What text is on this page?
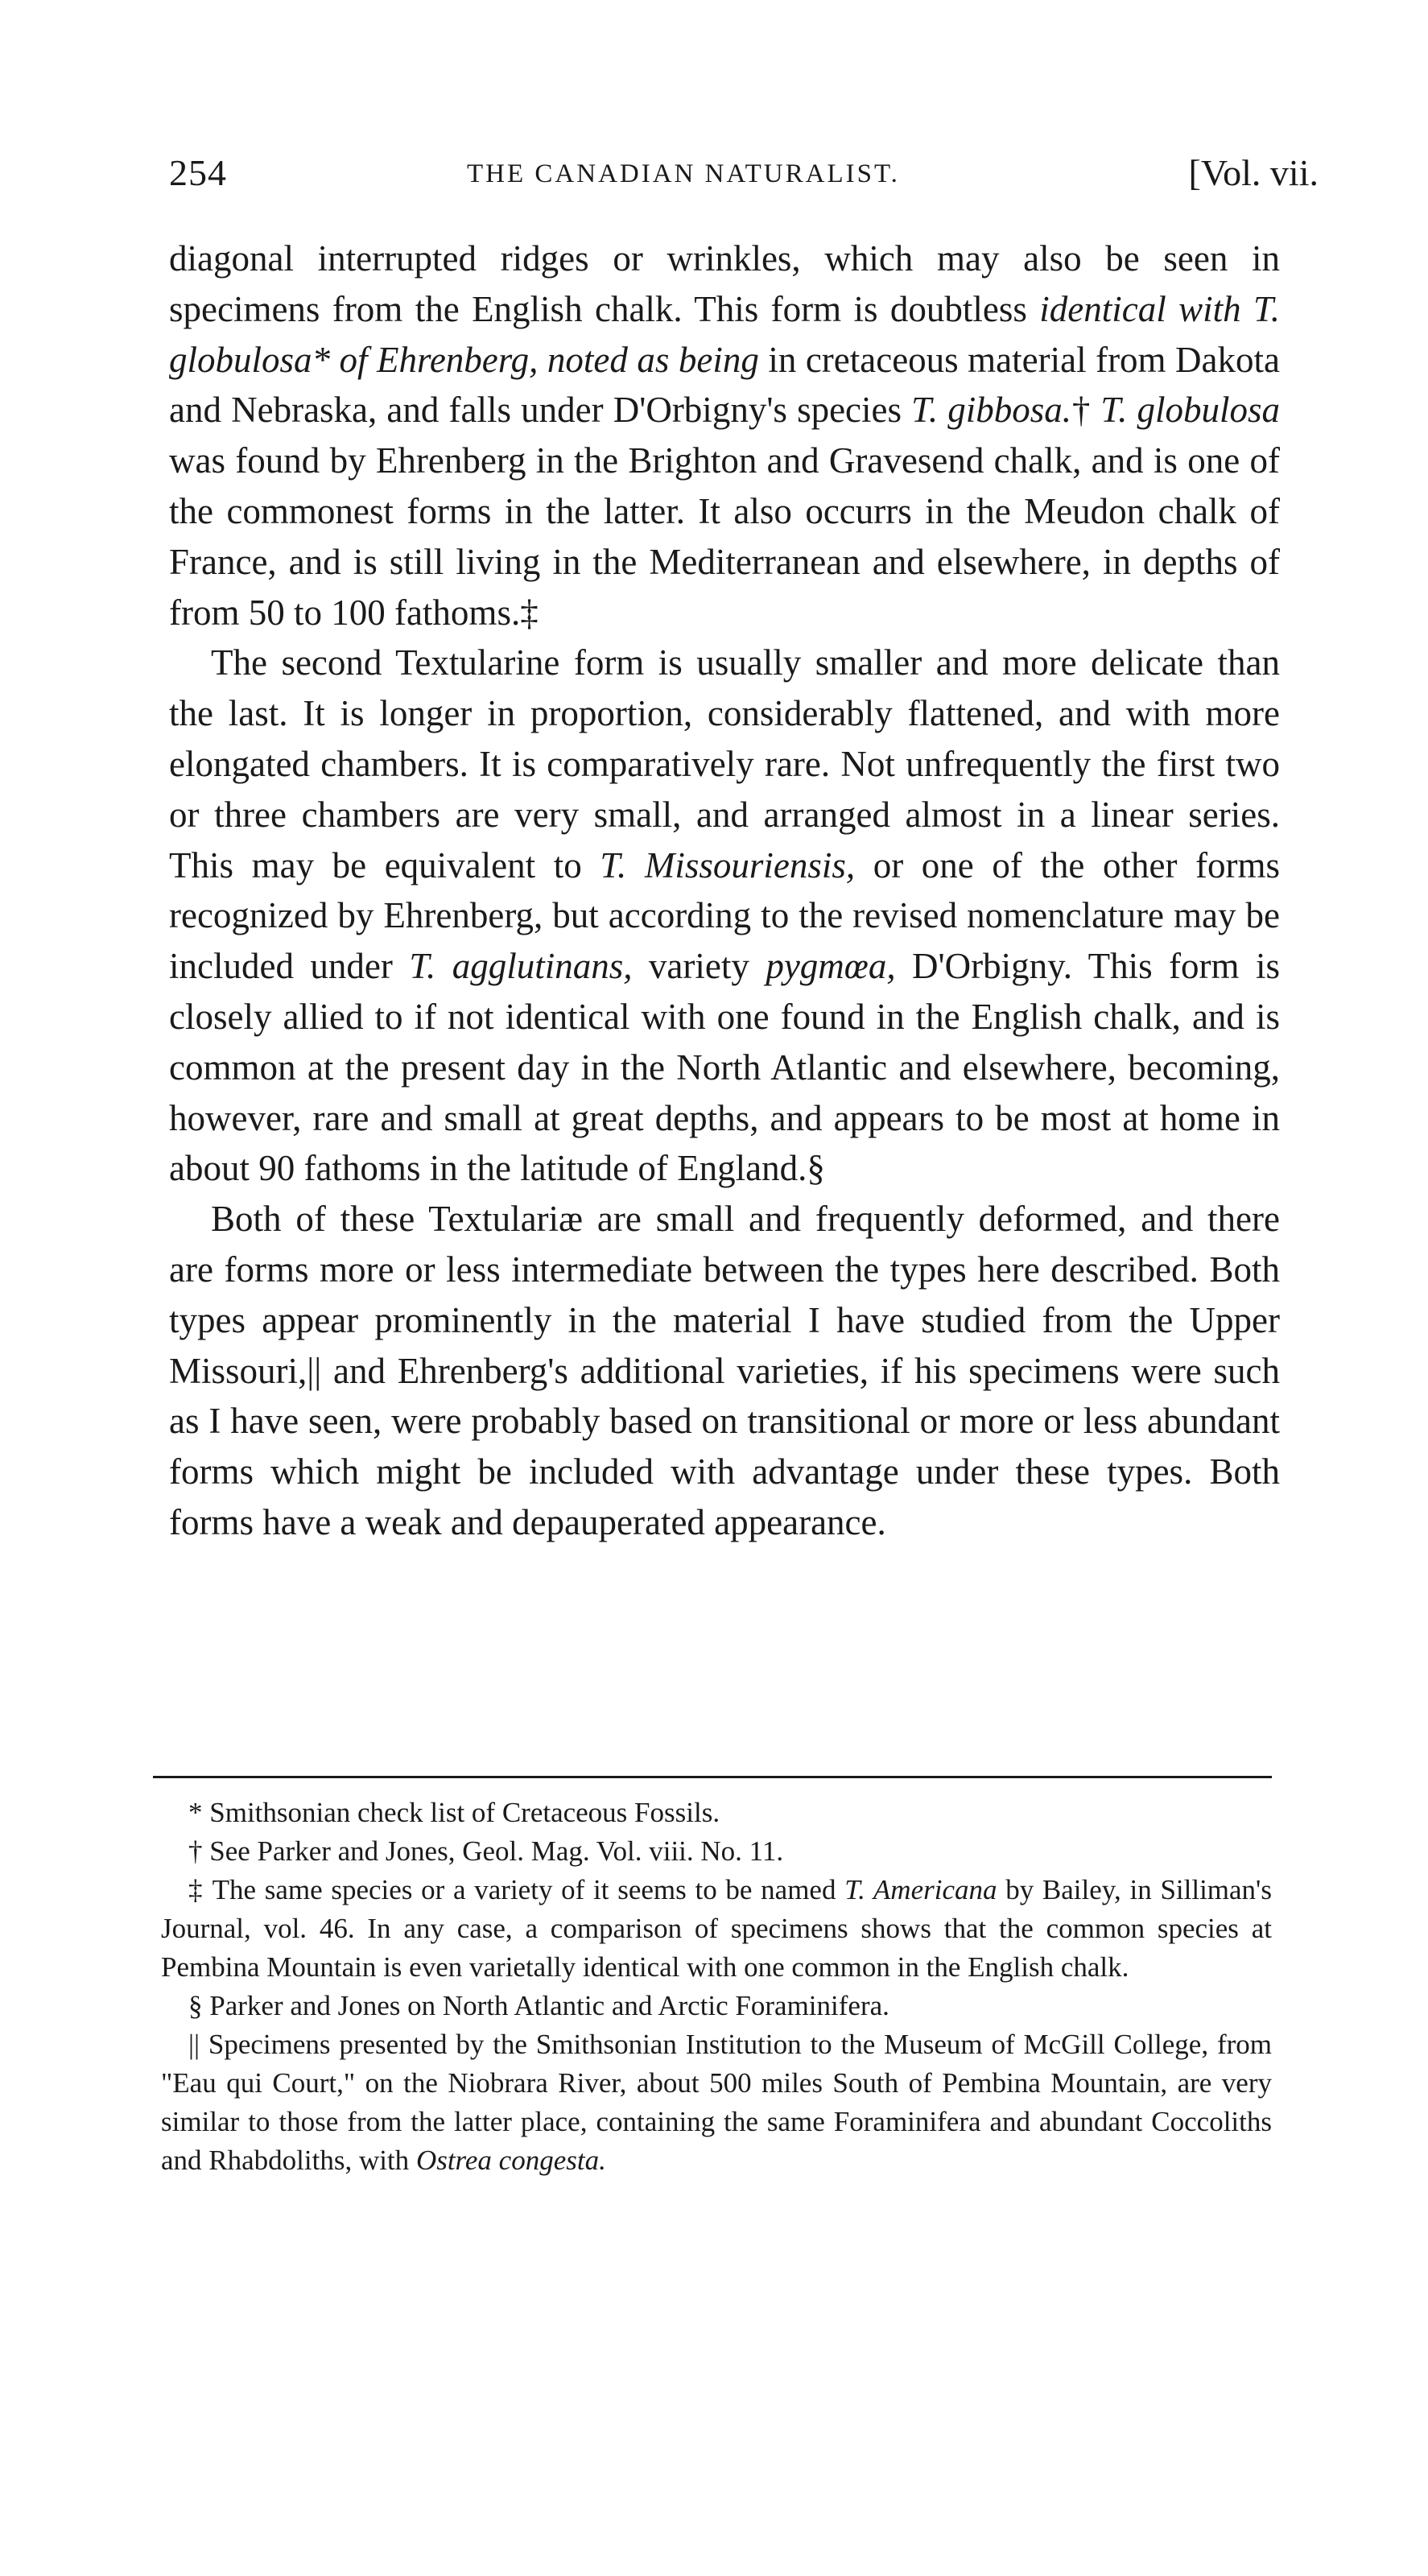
254	THE CANADIAN NATURALIST.	[Vol. vii.

diagonal interrupted ridges or wrinkles, which may also be seen in specimens from the English chalk. This form is doubtless identical with T. globulosa* of Ehrenberg, noted as being in cretaceous material from Dakota and Nebraska, and falls under D'Orbigny's species T. gibbosa.† T. globulosa was found by Ehrenberg in the Brighton and Gravesend chalk, and is one of the commonest forms in the latter. It also occurrs in the Meudon chalk of France, and is still living in the Mediterranean and elsewhere, in depths of from 50 to 100 fathoms.‡

The second Textularine form is usually smaller and more delicate than the last. It is longer in proportion, considerably flattened, and with more elongated chambers. It is comparatively rare. Not unfrequently the first two or three chambers are very small, and arranged almost in a linear series. This may be equivalent to T. Missouriensis, or one of the other forms recognized by Ehrenberg, but according to the revised nomenclature may be included under T. agglutinans, variety pygmœa, D'Orbigny. This form is closely allied to if not identical with one found in the English chalk, and is common at the present day in the North Atlantic and elsewhere, becoming, however, rare and small at great depths, and appears to be most at home in about 90 fathoms in the latitude of England.§

Both of these Textulariæ are small and frequently deformed, and there are forms more or less intermediate between the types here described. Both types appear prominently in the material I have studied from the Upper Missouri,|| and Ehrenberg's additional varieties, if his specimens were such as I have seen, were probably based on transitional or more or less abundant forms which might be included with advantage under these types. Both forms have a weak and depauperated appearance.

* Smithsonian check list of Cretaceous Fossils.

† See Parker and Jones, Geol. Mag. Vol. viii. No. 11.

‡ The same species or a variety of it seems to be named T. Americana by Bailey, in Silliman's Journal, vol. 46. In any case, a comparison of specimens shows that the common species at Pembina Mountain is even varietally identical with one common in the English chalk.

§ Parker and Jones on North Atlantic and Arctic Foraminifera.

|| Specimens presented by the Smithsonian Institution to the Museum of McGill College, from "Eau qui Court," on the Niobrara River, about 500 miles South of Pembina Mountain, are very similar to those from the latter place, containing the same Foraminifera and abundant Coccoliths and Rhabdoliths, with Ostrea congesta.
